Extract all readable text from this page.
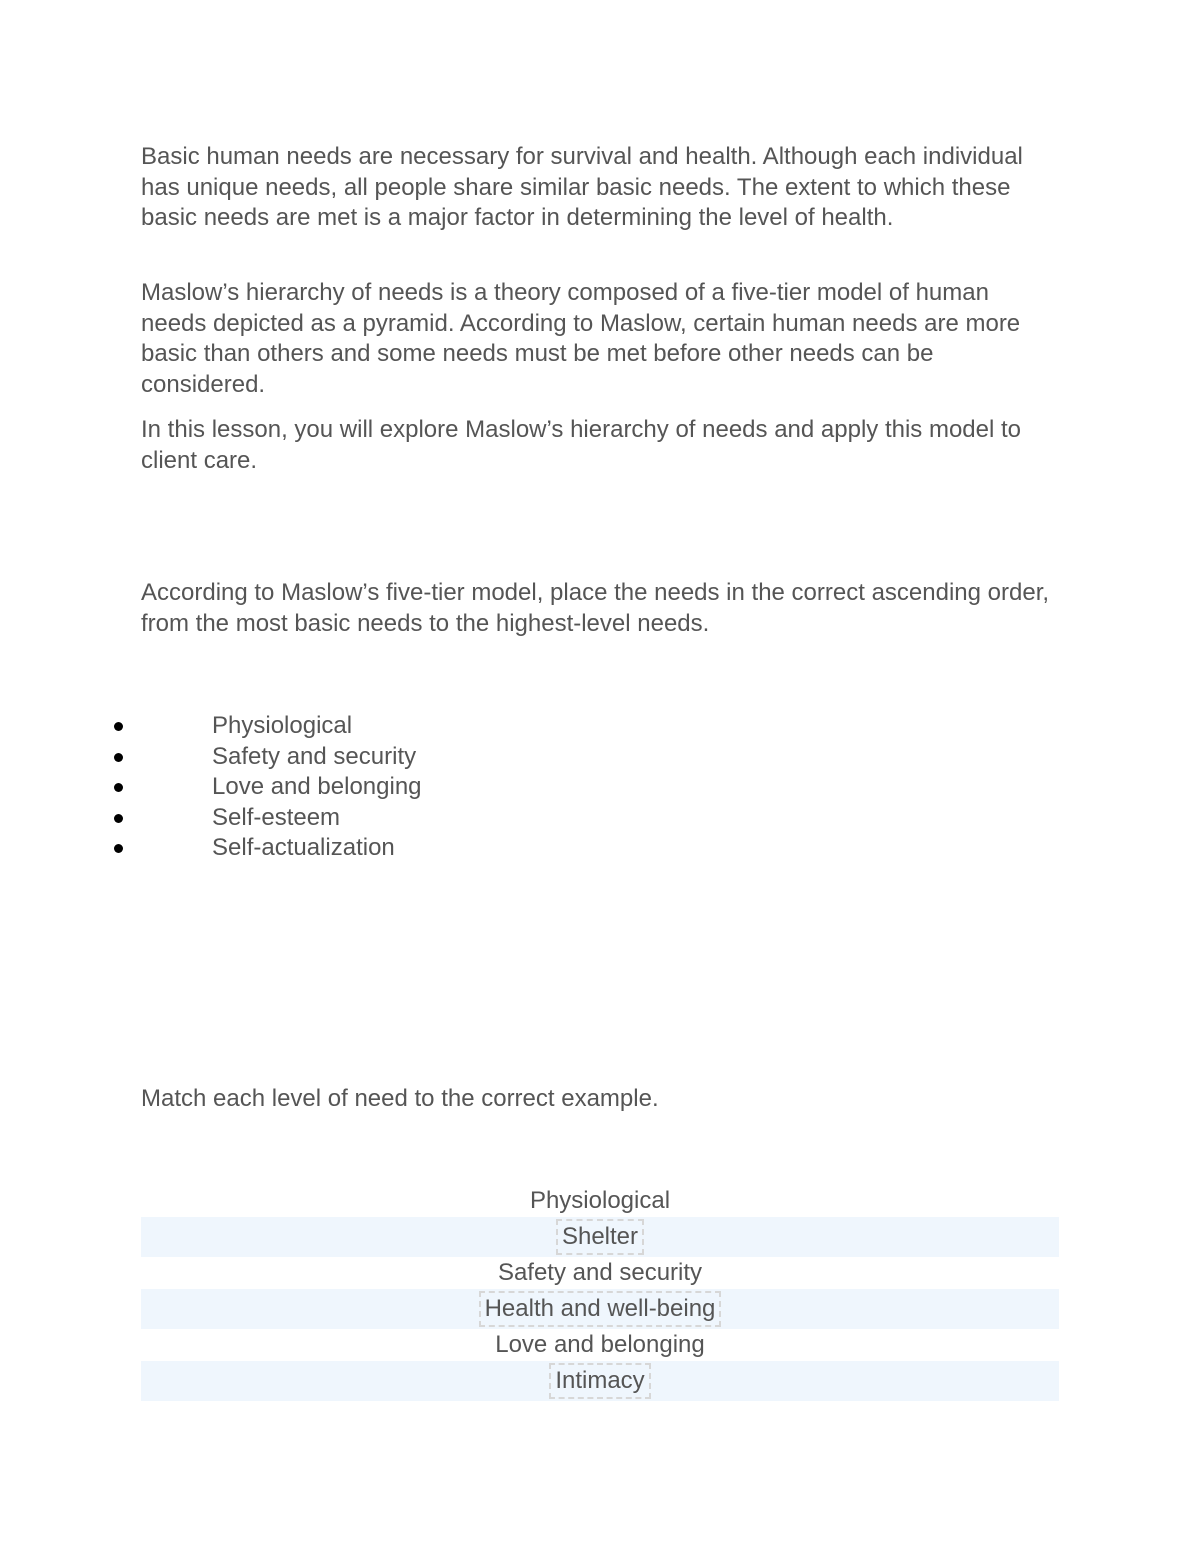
Basic human needs are necessary for survival and health. Although each individual has unique needs, all people share similar basic needs. The extent to which these basic needs are met is a major factor in determining the level of health.

Maslow’s hierarchy of needs is a theory composed of a five-tier model of human needs depicted as a pyramid. According to Maslow, certain human needs are more basic than others and some needs must be met before other needs can be considered.

In this lesson, you will explore Maslow’s hierarchy of needs and apply this model to client care.

According to Maslow’s five-tier model, place the needs in the correct ascending order, from the most basic needs to the highest-level needs.

Physiological
Safety and security
Love and belonging
Self-esteem
Self-actualization

Match each level of need to the correct example.

Physiological
Shelter
Safety and security
Health and well-being
Love and belonging
Intimacy
